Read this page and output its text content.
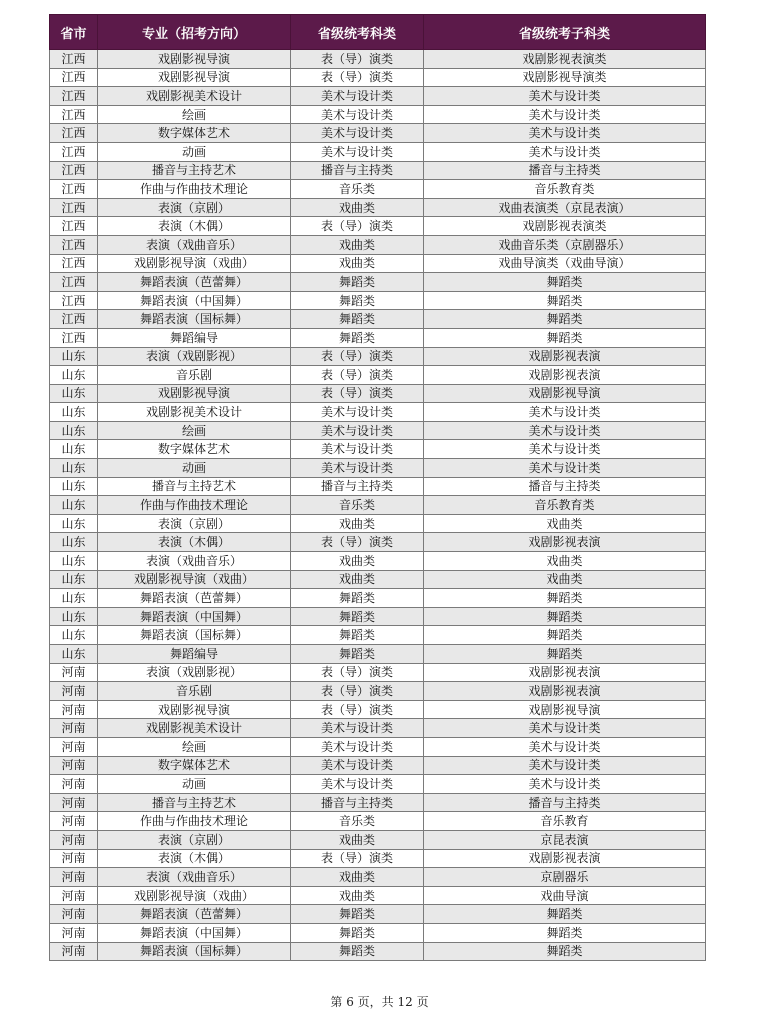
省市	专业（招考方向）	省级统考科类	省级统考子科类
江西	戏剧影视导演	表（导）演类	戏剧影视表演类
江西	戏剧影视导演	表（导）演类	戏剧影视导演类
江西	戏剧影视美术设计	美术与设计类	美术与设计类
江西	绘画	美术与设计类	美术与设计类
江西	数字媒体艺术	美术与设计类	美术与设计类
江西	动画	美术与设计类	美术与设计类
江西	播音与主持艺术	播音与主持类	播音与主持类
江西	作曲与作曲技术理论	音乐类	音乐教育类
江西	表演（京剧）	戏曲类	戏曲表演类（京昆表演）
江西	表演（木偶）	表（导）演类	戏剧影视表演类
江西	表演（戏曲音乐）	戏曲类	戏曲音乐类（京剧器乐）
江西	戏剧影视导演（戏曲）	戏曲类	戏曲导演类（戏曲导演）
江西	舞蹈表演（芭蕾舞）	舞蹈类	舞蹈类
江西	舞蹈表演（中国舞）	舞蹈类	舞蹈类
江西	舞蹈表演（国标舞）	舞蹈类	舞蹈类
江西	舞蹈编导	舞蹈类	舞蹈类
山东	表演（戏剧影视）	表（导）演类	戏剧影视表演
山东	音乐剧	表（导）演类	戏剧影视表演
山东	戏剧影视导演	表（导）演类	戏剧影视导演
山东	戏剧影视美术设计	美术与设计类	美术与设计类
山东	绘画	美术与设计类	美术与设计类
山东	数字媒体艺术	美术与设计类	美术与设计类
山东	动画	美术与设计类	美术与设计类
山东	播音与主持艺术	播音与主持类	播音与主持类
山东	作曲与作曲技术理论	音乐类	音乐教育类
山东	表演（京剧）	戏曲类	戏曲类
山东	表演（木偶）	表（导）演类	戏剧影视表演
山东	表演（戏曲音乐）	戏曲类	戏曲类
山东	戏剧影视导演（戏曲）	戏曲类	戏曲类
山东	舞蹈表演（芭蕾舞）	舞蹈类	舞蹈类
山东	舞蹈表演（中国舞）	舞蹈类	舞蹈类
山东	舞蹈表演（国标舞）	舞蹈类	舞蹈类
山东	舞蹈编导	舞蹈类	舞蹈类
河南	表演（戏剧影视）	表（导）演类	戏剧影视表演
河南	音乐剧	表（导）演类	戏剧影视表演
河南	戏剧影视导演	表（导）演类	戏剧影视导演
河南	戏剧影视美术设计	美术与设计类	美术与设计类
河南	绘画	美术与设计类	美术与设计类
河南	数字媒体艺术	美术与设计类	美术与设计类
河南	动画	美术与设计类	美术与设计类
河南	播音与主持艺术	播音与主持类	播音与主持类
河南	作曲与作曲技术理论	音乐类	音乐教育
河南	表演（京剧）	戏曲类	京昆表演
河南	表演（木偶）	表（导）演类	戏剧影视表演
河南	表演（戏曲音乐）	戏曲类	京剧器乐
河南	戏剧影视导演（戏曲）	戏曲类	戏曲导演
河南	舞蹈表演（芭蕾舞）	舞蹈类	舞蹈类
河南	舞蹈表演（中国舞）	舞蹈类	舞蹈类
河南	舞蹈表演（国标舞）	舞蹈类	舞蹈类
第 6 页，共 12 页
